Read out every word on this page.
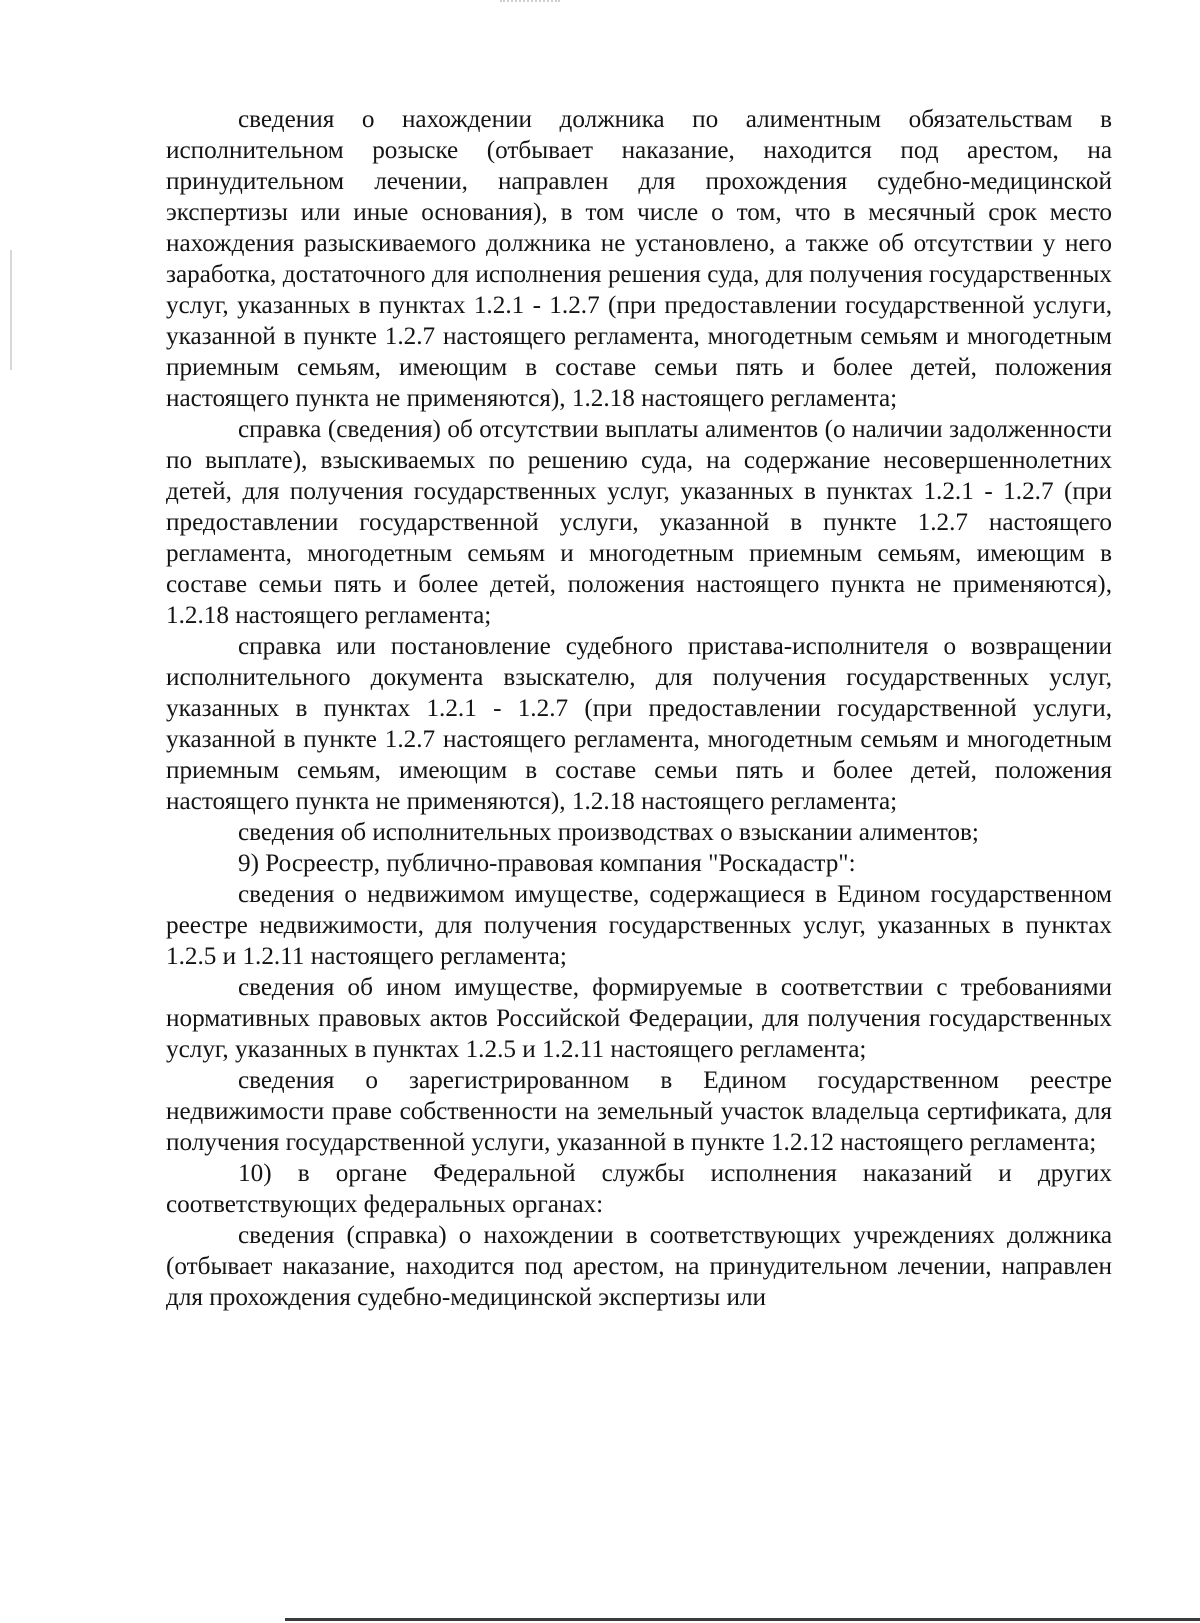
сведения о нахождении должника по алиментным обязательствам в исполнительном розыске (отбывает наказание, находится под арестом, на принудительном лечении, направлен для прохождения судебно-медицинской экспертизы или иные основания), в том числе о том, что в месячный срок место нахождения разыскиваемого должника не установлено, а также об отсутствии у него заработка, достаточного для исполнения решения суда, для получения государственных услуг, указанных в пунктах 1.2.1 - 1.2.7 (при предоставлении государственной услуги, указанной в пункте 1.2.7 настоящего регламента, многодетным семьям и многодетным приемным семьям, имеющим в составе семьи пять и более детей, положения настоящего пункта не применяются), 1.2.18 настоящего регламента;

справка (сведения) об отсутствии выплаты алиментов (о наличии задолженности по выплате), взыскиваемых по решению суда, на содержание несовершеннолетних детей, для получения государственных услуг, указанных в пунктах 1.2.1 - 1.2.7 (при предоставлении государственной услуги, указанной в пункте 1.2.7 настоящего регламента, многодетным семьям и многодетным приемным семьям, имеющим в составе семьи пять и более детей, положения настоящего пункта не применяются), 1.2.18 настоящего регламента;

справка или постановление судебного пристава-исполнителя о возвращении исполнительного документа взыскателю, для получения государственных услуг, указанных в пунктах 1.2.1 - 1.2.7 (при предоставлении государственной услуги, указанной в пункте 1.2.7 настоящего регламента, многодетным семьям и многодетным приемным семьям, имеющим в составе семьи пять и более детей, положения настоящего пункта не применяются), 1.2.18 настоящего регламента;

сведения об исполнительных производствах о взыскании алиментов;

9) Росреестр, публично-правовая компания "Роскадастр":

сведения о недвижимом имуществе, содержащиеся в Едином государственном реестре недвижимости, для получения государственных услуг, указанных в пунктах 1.2.5 и 1.2.11 настоящего регламента;

сведения об ином имуществе, формируемые в соответствии с требованиями нормативных правовых актов Российской Федерации, для получения государственных услуг, указанных в пунктах 1.2.5 и 1.2.11 настоящего регламента;

сведения о зарегистрированном в Едином государственном реестре недвижимости праве собственности на земельный участок владельца сертификата, для получения государственной услуги, указанной в пункте 1.2.12 настоящего регламента;

10) в органе Федеральной службы исполнения наказаний и других соответствующих федеральных органах:

сведения (справка) о нахождении в соответствующих учреждениях должника (отбывает наказание, находится под арестом, на принудительном лечении, направлен для прохождения судебно-медицинской экспертизы или
